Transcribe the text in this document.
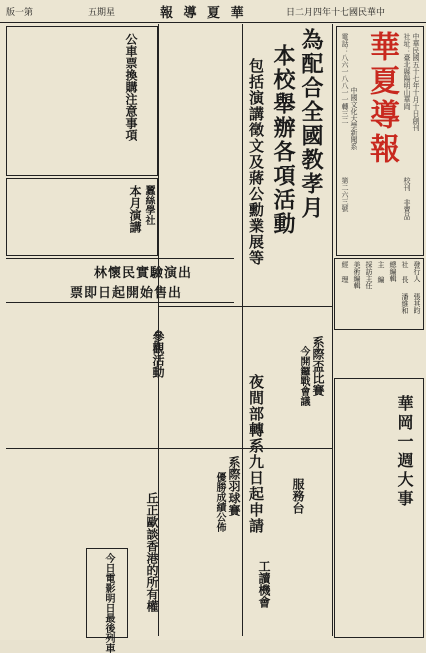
版一第	五期星	報 導 夏 華	日二月四年十七國民華中
華夏導報	中華民國五十七年十月十日創刊
社址：臺北縣陽明山華岡
電話：八六一八八一一轉三二 中國文化大學新聞系
校刊 非賣品
第二六三號
發行人
張其昀
社 長
潘維和
總編輯
主 編
採訪主任
美術編輯
經 理
為配合全國教孝月
本校舉辦各項活動
包括演講徵文及蔣公勳業展等
公車票換購注意事項
本月演講 蠶絲學社
林懷民實驗演出
票即日起開始售出
夜間部轉系九日起申請
系際盃比賽
今開鑼戰會議
參觀活動
系際羽球賽
優勝成績公佈	服務台
丘正歐談香港的所有權
今日電影明日最後列車	工讀機會
華岡一週大事
